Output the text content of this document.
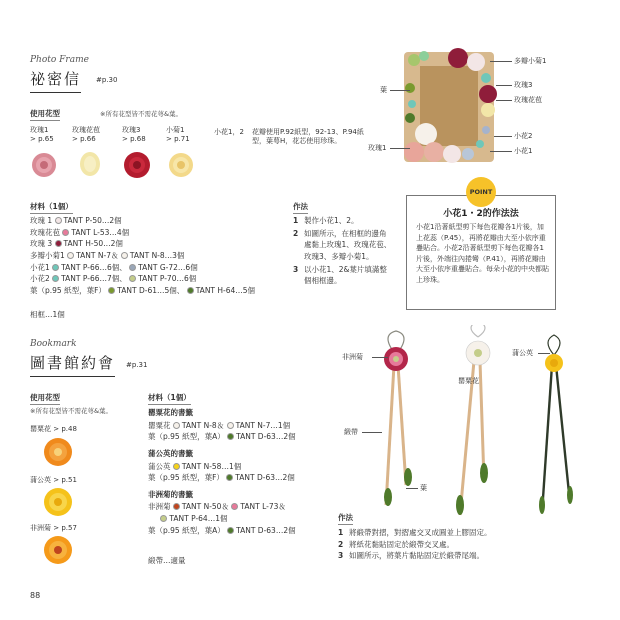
Photo Frame
祕密信 #p.30
使用花型	※所有花型皆不需花萼&葉。
玫瑰1
> p.65
玫瑰花苞
> p.66
玫瑰3
> p.68
小菊1
> p.71
小花1，2	花瓣使用P.92紙型，92-13、P.94紙型，葉萼H，花芯使用珍珠。
材料（1個）
玫瑰 1 TANT P-50…2個
玫瑰花苞 TANT L-53…4個
玫瑰 3 TANT H-50…2個
多瓣小菊1 TANT N-7＆ TANT N-8…3個
小花1 TANT P-66…6個、 TANT G-72…6個
小花2 TANT P-66…7個、 TANT P-70…6個
葉（p.95 紙型，葉F） TANT D-61…5個、 TANT H-64…5個
相框…1個
作法
1 製作小花1、2。
2 如圖所示，在相框的邊角處黏上玫瑰1、玫瑰花苞、玫瑰3、多瓣小菊1。
3 以小花1、2&葉片填滿整個相框邊。
葉
玫瑰1
多瓣小菊1
玫瑰3
玫瑰花苞
小花2
小花1
POINT
小花1・2的作法法
小花1沿著紙型剪下每色花瓣各1片後，加上花蕊（P.45），再將花瓣由大至小依序重疊貼合。小花2沿著紙型剪下每色花瓣各1片後，外端往內捲彎（P.41），再將花瓣由大至小依序重疊貼合。每朵小花的中央都貼上珍珠。
Bookmark
圖書館約會 #p.31
使用花型
※所有花型皆不需花萼&葉。
罌粟花 > p.48
蒲公英 > p.51
非洲菊 > p.57
材料（1個）
罌粟花的書籤
罌粟花 TANT N-8＆ TANT N-7…1個
葉（p.95 紙型，葉A） TANT D-63…2個
蒲公英的書籤
蒲公英 TANT N-58…1個
葉（p.95 紙型，葉F） TANT D-63…2個
非洲菊的書籤
非洲菊 TANT N-50＆ TANT L-73＆
TANT P-64…1個
葉（p.95 紙型，葉A） TANT D-63…2個
緞帶…適量
非洲菊
罌粟花
蒲公英
緞帶
葉
作法
1 將緞帶對摺，對摺處交叉成圓並上膠固定。
2 將紙花黏貼固定於緞帶交叉處。
3 如圖所示，將葉片黏貼固定於緞帶尾端。
88
